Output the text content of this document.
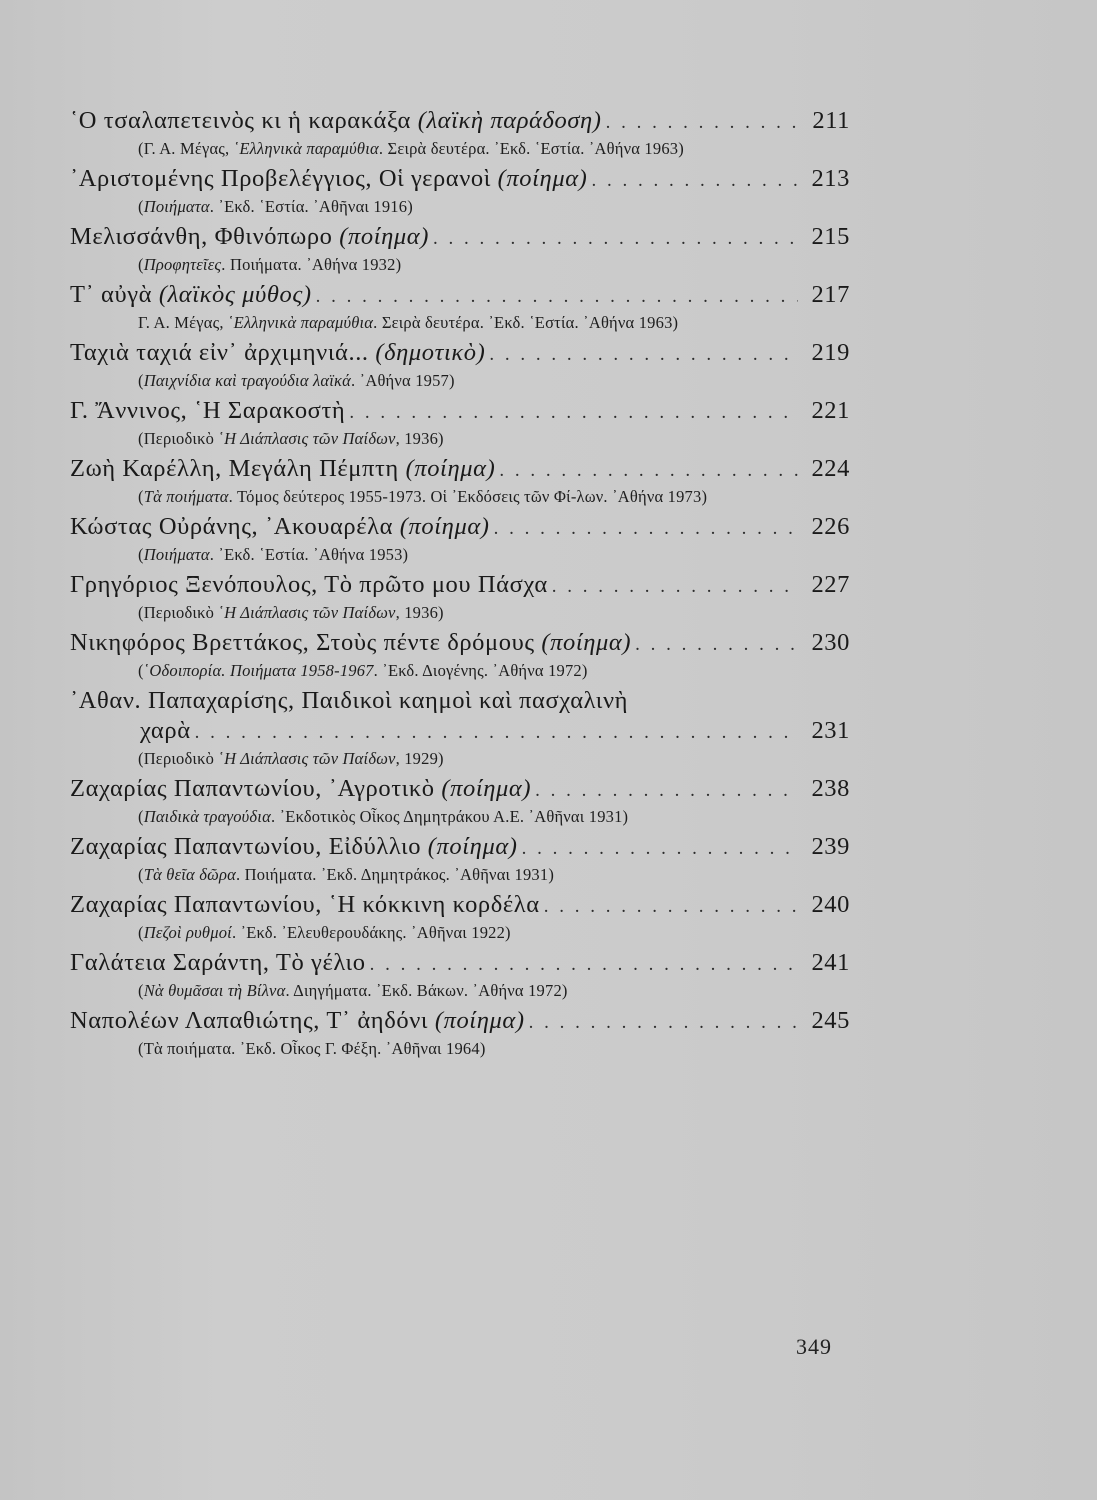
῾Ο τσαλαπετεινὸς κι ἡ καρακάξα (λαϊκὴ παράδοση) . . .	211
(Γ. Α. Μέγας, ῾Ελληνικὰ παραμύθια. Σειρὰ δευτέρα. ᾿Εκδ. ῾Εστία. ᾿Αθήνα 1963)
᾿Αριστομένης Προβελέγγιος, Οἱ γερανοὶ (ποίημα) . . .	213
(Ποιήματα. ᾿Εκδ. ῾Εστία. ᾿Αθῆναι 1916)
Μελισσάνθη, Φθινόπωρο (ποίημα) . . .	215
(Προφητεῖες. Ποιήματα. ᾿Αθήνα 1932)
Τ᾿ αὐγὰ (λαϊκὸς μύθος) . . .	217
Γ. Α. Μέγας, ῾Ελληνικὰ παραμύθια. Σειρὰ δευτέρα. ᾿Εκδ. ῾Εστία. ᾿Αθήνα 1963)
Ταχιὰ ταχιά εἰν᾿ ἀρχιμηνιά... (δημοτικὸ) . . .	219
(Παιχνίδια καὶ τραγούδια λαϊκά. ᾿Αθήνα 1957)
Γ. Ἄννινος, ῾Η Σαρακοστὴ . . .	221
(Περιοδικὸ ῾Η Διάπλασις τῶν Παίδων, 1936)
Ζωὴ Καρέλλη, Μεγάλη Πέμπτη (ποίημα) . . .	224
(Τὰ ποιήματα. Τόμος δεύτερος 1955-1973. Οἱ ᾿Εκδόσεις τῶν Φί-λων. ᾿Αθήνα 1973)
Κώστας Οὐράνης, ᾿Ακουαρέλα (ποίημα) . . .	226
(Ποιήματα. ᾿Εκδ. ῾Εστία. ᾿Αθήνα 1953)
Γρηγόριος Ξενόπουλος, Τὸ πρῶτο μου Πάσχα . . .	227
(Περιοδικὸ ῾Η Διάπλασις τῶν Παίδων, 1936)
Νικηφόρος Βρεττάκος, Στοὺς πέντε δρόμους (ποίημα) . . .	230
(῾Οδοιπορία. Ποιήματα 1958-1967. ᾿Εκδ. Διογένης. ᾿Αθήνα 1972)
᾿Αθαν. Παπαχαρίσης, Παιδικοὶ καημοὶ καὶ πασχαλινὴ
χαρὰ . . .	231
(Περιοδικὸ ῾Η Διάπλασις τῶν Παίδων, 1929)
Ζαχαρίας Παπαντωνίου, ᾿Αγροτικὸ (ποίημα) . . .	238
(Παιδικὰ τραγούδια. ᾿Εκδοτικὸς Οἶκος Δημητράκου Α.Ε. ᾿Αθῆναι 1931)
Ζαχαρίας Παπαντωνίου, Εἰδύλλιο (ποίημα) . . .	239
(Τὰ θεῖα δῶρα. Ποιήματα. ᾿Εκδ. Δημητράκος. ᾿Αθῆναι 1931)
Ζαχαρίας Παπαντωνίου, ῾Η κόκκινη κορδέλα . . .	240
(Πεζοὶ ρυθμοί. ᾿Εκδ. ᾿Ελευθερουδάκης. ᾿Αθῆναι 1922)
Γαλάτεια Σαράντη, Τὸ γέλιο . . .	241
(Νὰ θυμᾶσαι τὴ Βίλνα. Διηγήματα. ᾿Εκδ. Βάκων. ᾿Αθήνα 1972)
Ναπολέων Λαπαθιώτης, Τ᾿ ἀηδόνι (ποίημα) . . .	245
(Τὰ ποιήματα. ᾿Εκδ. Οἶκος Γ. Φέξη. ᾿Αθῆναι 1964)
349
